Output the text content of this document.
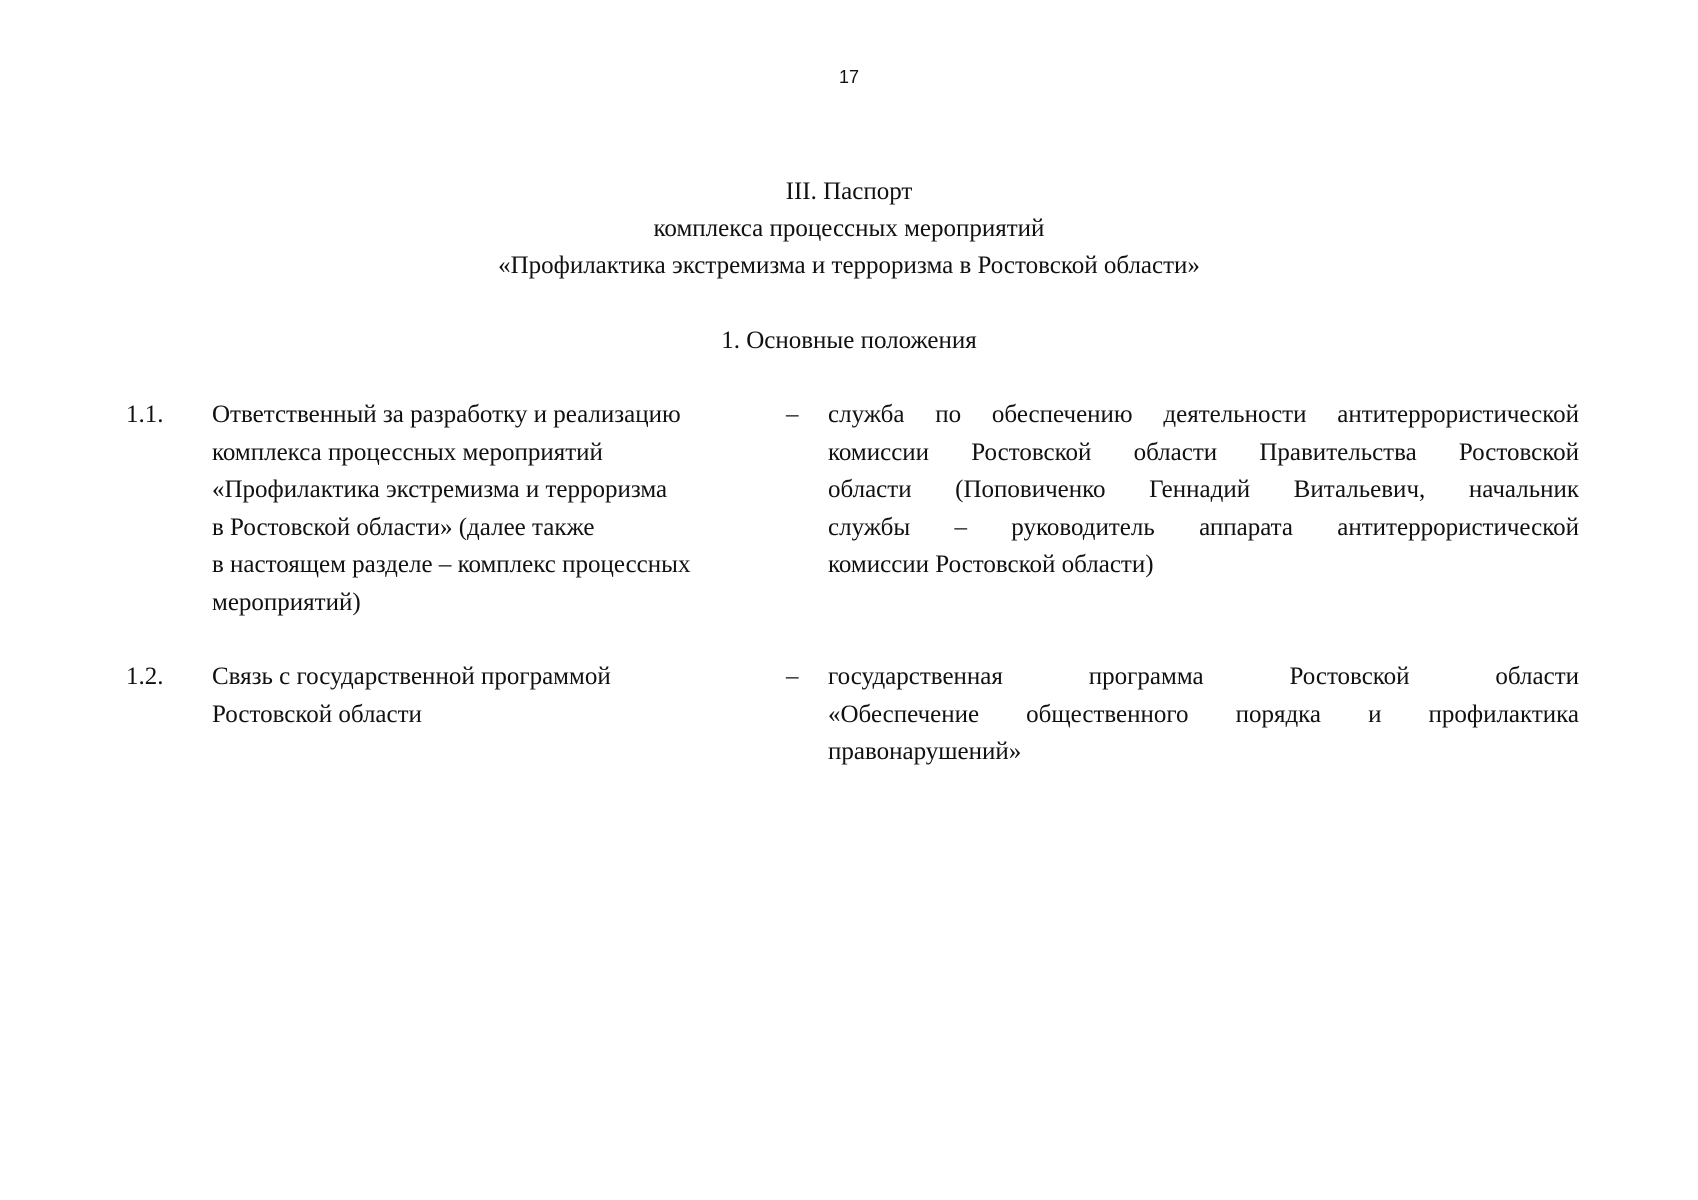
17
III. Паспорт
комплекса процессных мероприятий
«Профилактика экстремизма и терроризма в Ростовской области»
1. Основные положения
1.1. Ответственный за разработку и реализацию
комплекса процессных мероприятий
«Профилактика экстремизма и терроризма
в Ростовской области» (далее также
в настоящем разделе – комплекс процессных
мероприятий)
– служба по обеспечению деятельности антитеррористической
комиссии Ростовской области Правительства Ростовской
области (Поповиченко Геннадий Витальевич, начальник
службы – руководитель аппарата антитеррористической
комиссии Ростовской области)
1.2. Связь с государственной программой
Ростовской области
– государственная программа Ростовской области
«Обеспечение общественного порядка и профилактика
правонарушений»
